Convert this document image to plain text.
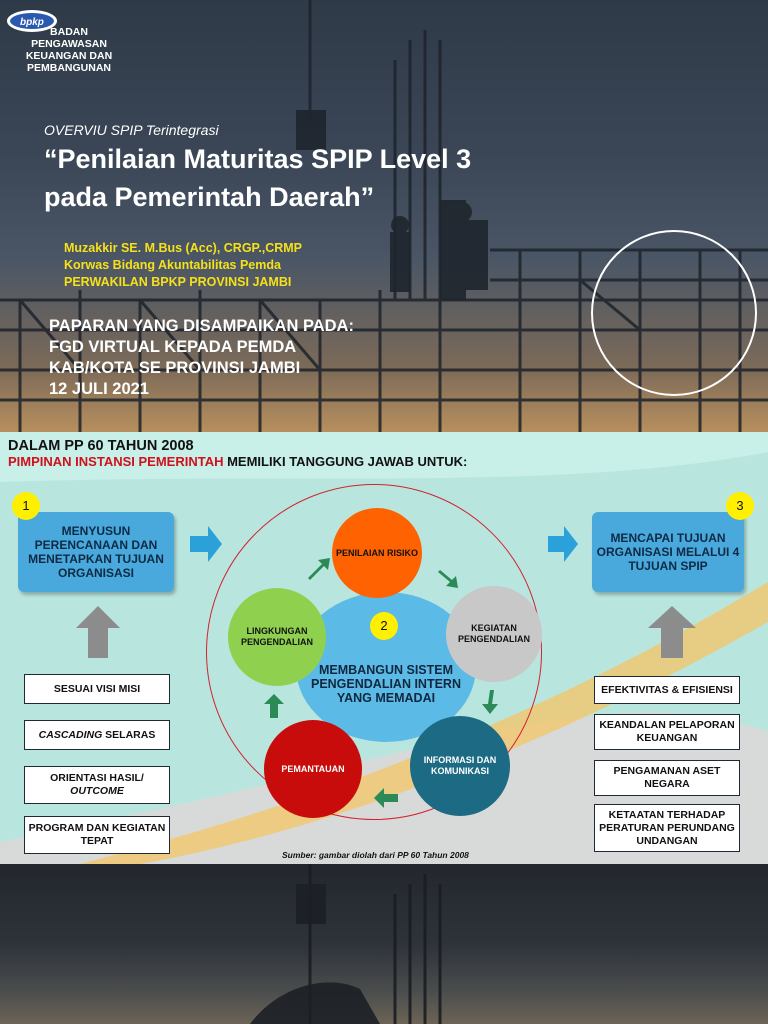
bpkp
BADAN PENGAWASAN KEUANGAN DAN PEMBANGUNAN
OVERVIU SPIP Terintegrasi
“Penilaian Maturitas SPIP Level 3
pada Pemerintah Daerah”
Muzakkir SE. M.Bus (Acc), CRGP.,CRMP
Korwas Bidang Akuntabilitas Pemda
PERWAKILAN BPKP PROVINSI JAMBI
PAPARAN YANG DISAMPAIKAN PADA:
FGD VIRTUAL KEPADA PEMDA
KAB/KOTA SE PROVINSI JAMBI
12 JULI 2021
DALAM PP 60 TAHUN 2008
PIMPINAN INSTANSI PEMERINTAH MEMILIKI TANGGUNG JAWAB UNTUK:
MENYUSUN PERENCANAAN DAN MENETAPKAN TUJUAN ORGANISASI
1
MENCAPAI TUJUAN ORGANISASI MELALUI 4 TUJUAN SPIP
3
SESUAI VISI MISI
CASCADING SELARAS
ORIENTASI HASIL/
OUTCOME
PROGRAM DAN KEGIATAN TEPAT
EFEKTIVITAS & EFISIENSI
KEANDALAN PELAPORAN KEUANGAN
PENGAMANAN ASET NEGARA
KETAATAN TERHADAP PERATURAN PERUNDANG UNDANGAN
MEMBANGUN SISTEM PENGENDALIAN INTERN YANG MEMADAI
2
PENILAIAN RISIKO
KEGIATAN PENGENDALIAN
INFORMASI DAN KOMUNIKASI
PEMANTAUAN
LINGKUNGAN PENGENDALIAN
Sumber: gambar diolah dari PP 60 Tahun 2008
